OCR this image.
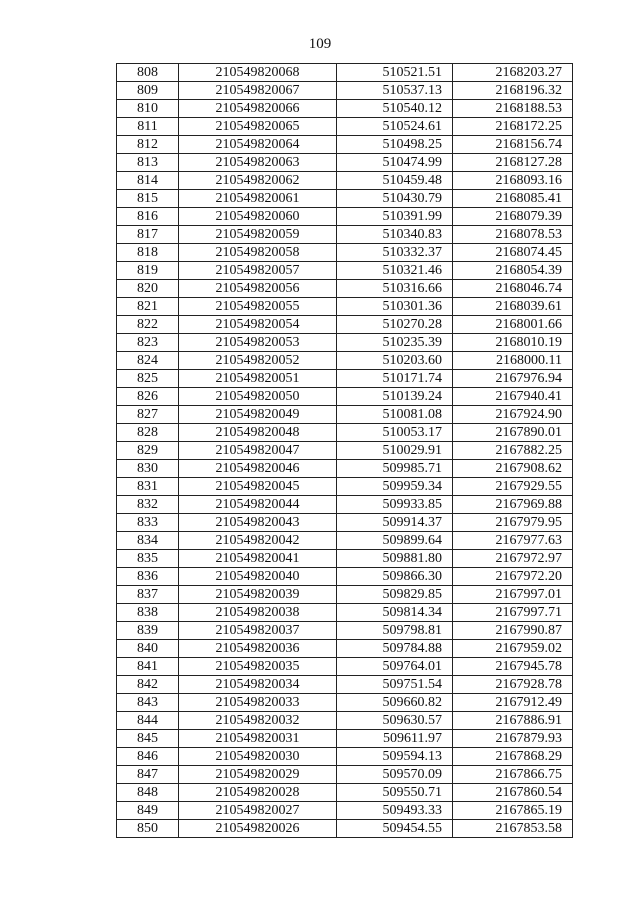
109
808	210549820068	510521.51	2168203.27
809	210549820067	510537.13	2168196.32
810	210549820066	510540.12	2168188.53
811	210549820065	510524.61	2168172.25
812	210549820064	510498.25	2168156.74
813	210549820063	510474.99	2168127.28
814	210549820062	510459.48	2168093.16
815	210549820061	510430.79	2168085.41
816	210549820060	510391.99	2168079.39
817	210549820059	510340.83	2168078.53
818	210549820058	510332.37	2168074.45
819	210549820057	510321.46	2168054.39
820	210549820056	510316.66	2168046.74
821	210549820055	510301.36	2168039.61
822	210549820054	510270.28	2168001.66
823	210549820053	510235.39	2168010.19
824	210549820052	510203.60	2168000.11
825	210549820051	510171.74	2167976.94
826	210549820050	510139.24	2167940.41
827	210549820049	510081.08	2167924.90
828	210549820048	510053.17	2167890.01
829	210549820047	510029.91	2167882.25
830	210549820046	509985.71	2167908.62
831	210549820045	509959.34	2167929.55
832	210549820044	509933.85	2167969.88
833	210549820043	509914.37	2167979.95
834	210549820042	509899.64	2167977.63
835	210549820041	509881.80	2167972.97
836	210549820040	509866.30	2167972.20
837	210549820039	509829.85	2167997.01
838	210549820038	509814.34	2167997.71
839	210549820037	509798.81	2167990.87
840	210549820036	509784.88	2167959.02
841	210549820035	509764.01	2167945.78
842	210549820034	509751.54	2167928.78
843	210549820033	509660.82	2167912.49
844	210549820032	509630.57	2167886.91
845	210549820031	509611.97	2167879.93
846	210549820030	509594.13	2167868.29
847	210549820029	509570.09	2167866.75
848	210549820028	509550.71	2167860.54
849	210549820027	509493.33	2167865.19
850	210549820026	509454.55	2167853.58
